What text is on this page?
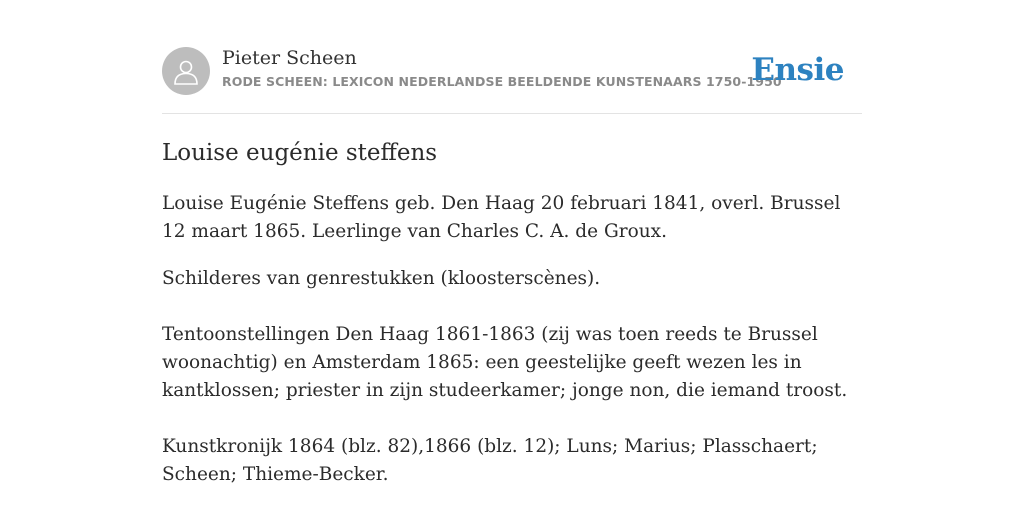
Pieter Scheen
RODE SCHEEN: LEXICON NEDERLANDSE BEELDENDE KUNSTENAARS 1750-1950
Ensie
Louise eugénie steffens

Louise Eugénie Steffens geb. Den Haag 20 februari 1841, overl. Brussel 12 maart 1865. Leerlinge van Charles C. A. de Groux.

Schilderes van genrestukken (kloosterscènes).

Tentoonstellingen Den Haag 1861-1863 (zij was toen reeds te Brussel woonachtig) en Amsterdam 1865: een geestelijke geeft wezen les in kantklossen; priester in zijn studeerkamer; jonge non, die iemand troost.

Kunstkronijk 1864 (blz. 82),1866 (blz. 12); Luns; Marius; Plasschaert; Scheen; Thieme-Becker.
